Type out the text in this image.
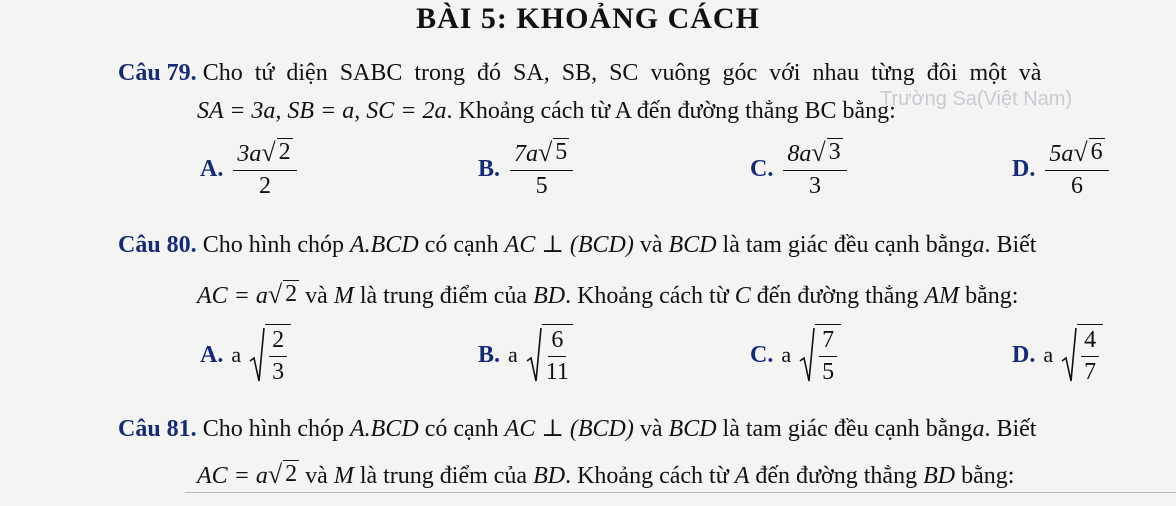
BÀI 5: KHOẢNG CÁCH
Trường Sa(Việt Nam)
Câu 79. Cho tứ diện SABC trong đó SA, SB, SC vuông góc với nhau từng đôi một và
SA = 3a, SB = a, SC = 2a. Khoảng cách từ A đến đường thẳng BC bằng:
A. $\frac{3a √ 2}{2}$	B. $\frac{7a √ 5}{5}$	C. $\frac{8a √ 3}{3}$	D. $\frac{5a √ 6}{6}$
Câu 80. Cho hình chóp A.BCD có cạnh AC ⊥ (BCD) và BCD là tam giác đều cạnh bằnga. Biết
AC = a √ 2 và M là trung điểm của BD. Khoảng cách từ C đến đường thẳng AM bằng:
A. a $\frac{2}{3}$	B. a $\frac{6}{11}$	C. a $\frac{7}{5}$	D. a $\frac{4}{7}$
Câu 81. Cho hình chóp A.BCD có cạnh AC ⊥ (BCD) và BCD là tam giác đều cạnh bằnga. Biết
AC = a √ 2 và M là trung điểm của BD. Khoảng cách từ A đến đường thẳng BD bằng:
